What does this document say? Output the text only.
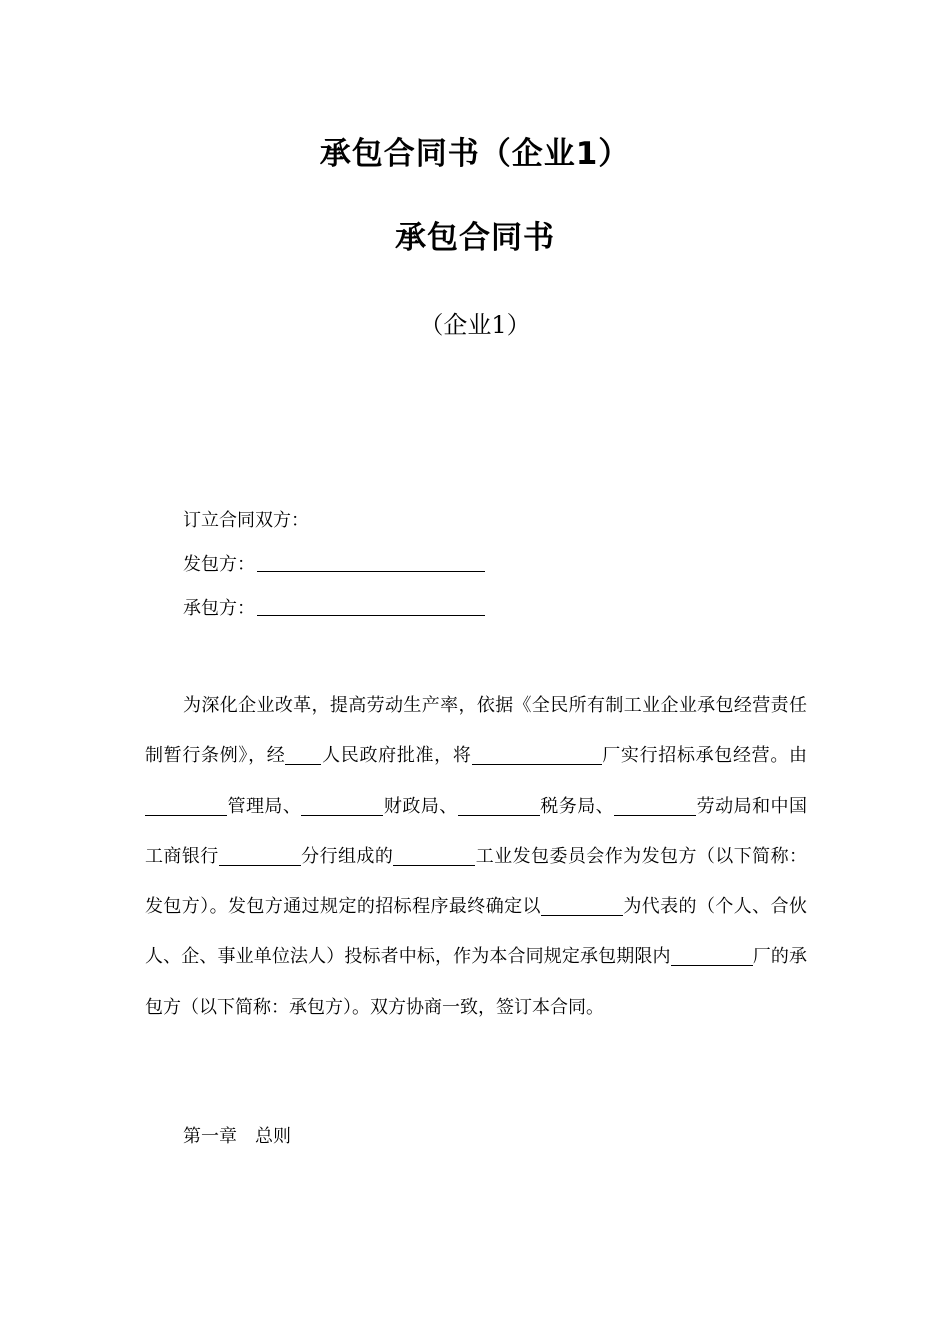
承包合同书（企业1）
承包合同书
（企业1）
订立合同双方：
发包方：
承包方：

为深化企业改革，提高劳动生产率，依据《全民所有制工业企业承包经营责任制暂行条例》，经 人民政府批准，将	厂实行招标承包经营。由管理局、	财政局、	税务局、	劳动局和中国工商银行	分行组成的	工业发包委员会作为发包方（以下简称：发包方）。发包方通过规定的招标程序最终确定以	为代表的（个人、合伙人、企、事业单位法人）投标者中标，作为本合同规定承包期限内	厂的承包方（以下简称：承包方）。双方协商一致，签订本合同。

第一章　总则
